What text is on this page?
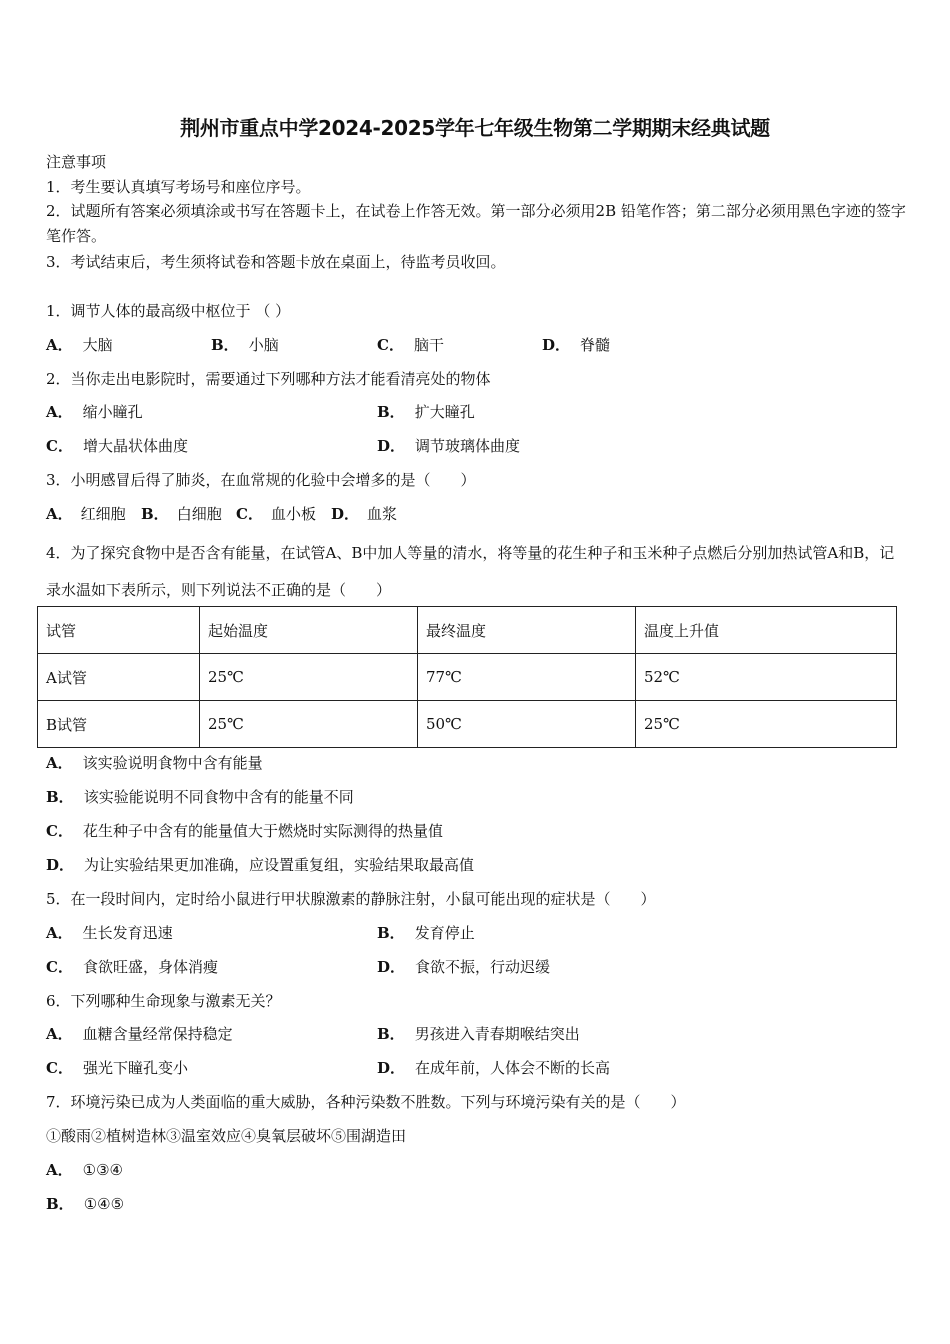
荆州市重点中学2024-2025学年七年级生物第二学期期末经典试题
注意事项
1．考生要认真填写考场号和座位序号。
2．试题所有答案必须填涂或书写在答题卡上，在试卷上作答无效。第一部分必须用2B 铅笔作答；第二部分必须用黑色字迹的签字笔作答。
3．考试结束后，考生须将试卷和答题卡放在桌面上，待监考员收回。
1．调节人体的最高级中枢位于 （ ）
A． 大脑	B． 小脑	C． 脑干	D． 脊髓
2．当你走出电影院时，需要通过下列哪种方法才能看清亮处的物体
A． 缩小瞳孔	B． 扩大瞳孔
C． 增大晶状体曲度	D． 调节玻璃体曲度
3．小明感冒后得了肺炎，在血常规的化验中会增多的是（　　）
A． 红细胞 B． 白细胞 C． 血小板 D． 血浆
4．为了探究食物中是否含有能量，在试管A、B中加人等量的清水，将等量的花生种子和玉米种子点燃后分别加热试管A和B，记录水温如下表所示，则下列说法不正确的是（　　）
试管	起始温度	最终温度	温度上升值
A试管	25℃	77℃	52℃
B试管	25℃	50℃	25℃
A． 该实验说明食物中含有能量
B． 该实验能说明不同食物中含有的能量不同
C． 花生种子中含有的能量值大于燃烧时实际测得的热量值
D． 为让实验结果更加准确，应设置重复组，实验结果取最高值
5．在一段时间内，定时给小鼠进行甲状腺激素的静脉注射，小鼠可能出现的症状是（　　）
A． 生长发育迅速	B． 发育停止
C． 食欲旺盛，身体消瘦	D． 食欲不振，行动迟缓
6．下列哪种生命现象与激素无关？
A． 血糖含量经常保持稳定	B． 男孩进入青春期喉结突出
C． 强光下瞳孔变小	D． 在成年前，人体会不断的长高
7．环境污染已成为人类面临的重大威胁，各种污染数不胜数。下列与环境污染有关的是（　　）
①酸雨②植树造林③温室效应④臭氧层破坏⑤围湖造田
A． ①③④
B． ①④⑤
